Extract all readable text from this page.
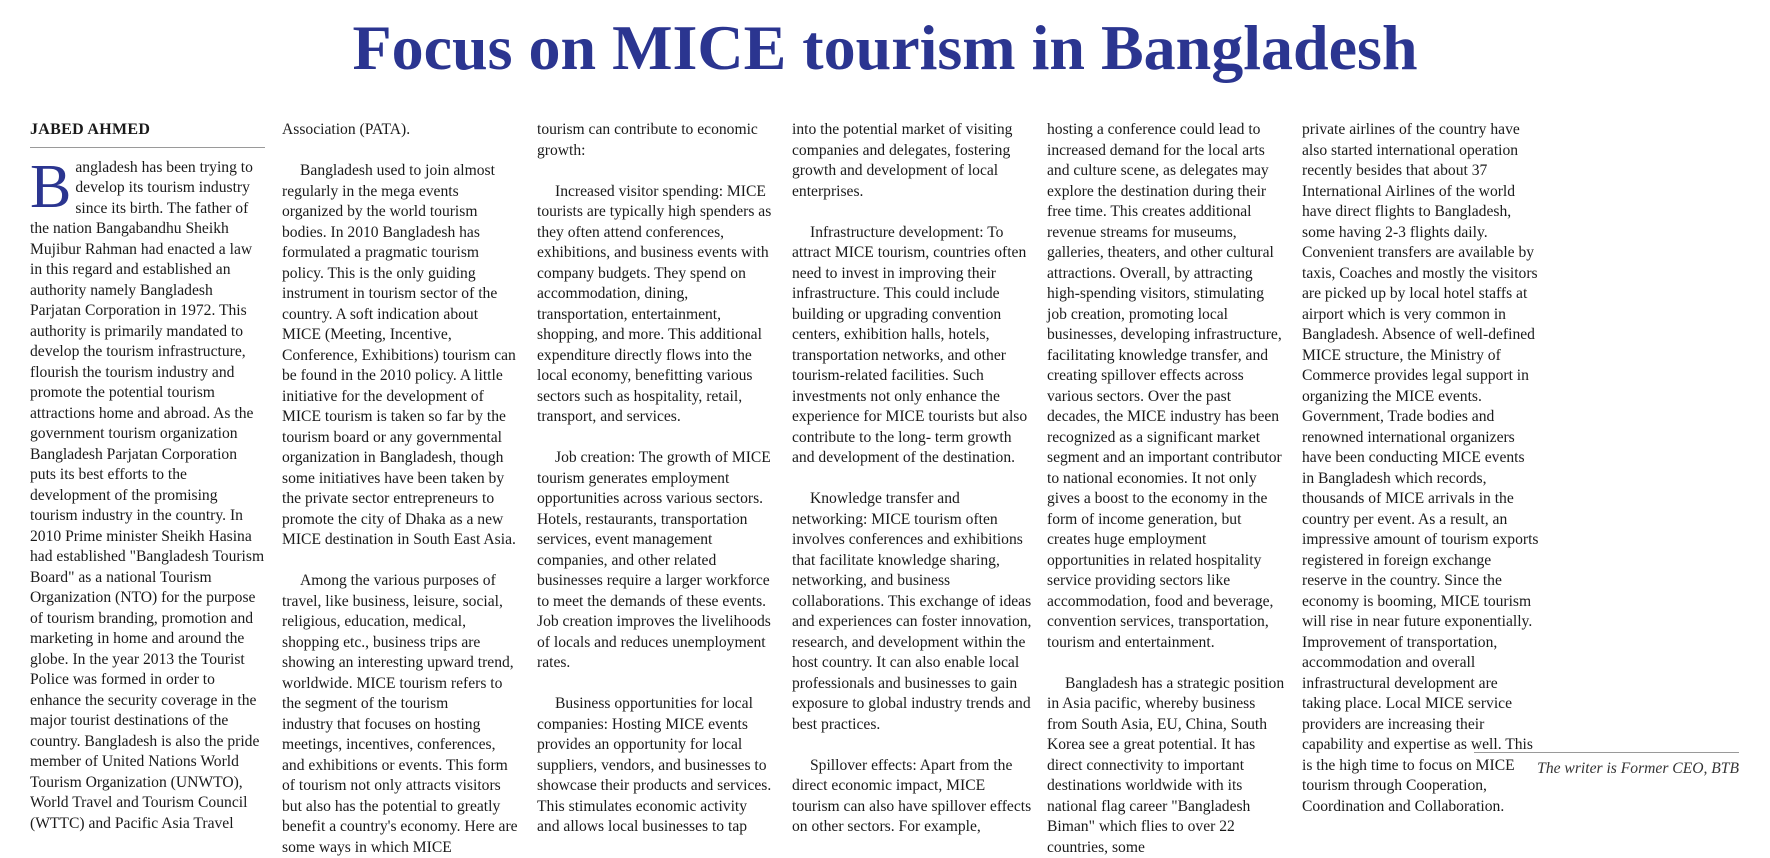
Focus on MICE tourism in Bangladesh

JABED AHMED

Bangladesh has been trying to develop its tourism industry since its birth. The father of the nation Bangabandhu Sheikh Mujibur Rahman had enacted a law in this regard and established an authority namely Bangladesh Parjatan Corporation in 1972. This authority is primarily mandated to develop the tourism infrastructure, flourish the tourism industry and promote the potential tourism attractions home and abroad. As the government tourism organization Bangladesh Parjatan Corporation puts its best efforts to the development of the promising tourism industry in the country. In 2010 Prime minister Sheikh Hasina had established "Bangladesh Tourism Board" as a national Tourism Organization (NTO) for the purpose of tourism branding, promotion and marketing in home and around the globe. In the year 2013 the Tourist Police was formed in order to enhance the security coverage in the major tourist destinations of the country. Bangladesh is also the pride member of United Nations World Tourism Organization (UNWTO), World Travel and Tourism Council (WTTC) and Pacific Asia Travel

Association (PATA).

Bangladesh used to join almost regularly in the mega events organized by the world tourism bodies. In 2010 Bangladesh has formulated a pragmatic tourism policy. This is the only guiding instrument in tourism sector of the country. A soft indication about MICE (Meeting, Incentive, Conference, Exhibitions) tourism can be found in the 2010 policy. A little initiative for the development of MICE tourism is taken so far by the tourism board or any governmental organization in Bangladesh, though some initiatives have been taken by the private sector entrepreneurs to promote the city of Dhaka as a new MICE destination in South East Asia.

Among the various purposes of travel, like business, leisure, social, religious, education, medical, shopping etc., business trips are showing an interesting upward trend, worldwide. MICE tourism refers to the segment of the tourism

industry that focuses on hosting meetings, incentives, conferences, and exhibitions or events. This form of tourism not only attracts visitors but also has the potential to greatly benefit a country's economy. Here are some ways in which MICE

tourism can contribute to economic growth:

Increased visitor spending: MICE tourists are typically high spenders as they often attend conferences, exhibitions, and business events with company budgets. They spend on accommodation, dining, transportation, entertainment, shopping, and more. This additional expenditure directly flows into the local economy, benefitting various sectors such as hospitality, retail, transport, and services.

Job creation: The growth of MICE tourism generates employment opportunities across various sectors. Hotels, restaurants, transportation services, event management companies, and other related businesses require a larger workforce to meet the demands of these events. Job creation improves the livelihoods of locals and reduces unemployment rates.

Business opportunities for local companies: Hosting MICE events provides an opportunity for local suppliers, vendors, and businesses to showcase their products and services. This stimulates economic activity and allows local businesses to tap

into the potential market of visiting companies and delegates, fostering growth and development of local enterprises.

Infrastructure development: To attract MICE tourism, countries often need to invest in improving their infrastructure. This could include building or upgrading convention centers, exhibition halls, hotels, transportation networks, and other tourism-related facilities. Such investments not only enhance the experience for MICE tourists but also contribute to the long- term growth and development of the destination.

Knowledge transfer and networking: MICE tourism often involves conferences and exhibitions that facilitate knowledge sharing, networking, and business collaborations. This exchange of ideas and experiences can foster innovation, research, and development within the host country. It can also enable local professionals and businesses to gain exposure to global industry trends and best practices.

Spillover effects: Apart from the direct economic impact, MICE tourism can also have spillover effects on other sectors. For example,

hosting a conference could lead to increased demand for the local arts and culture scene, as delegates may explore the destination during their free time. This creates additional revenue streams for museums, galleries, theaters, and other cultural attractions. Overall, by attracting high-spending visitors, stimulating job creation, promoting local businesses, developing infrastructure, facilitating knowledge transfer, and creating spillover effects across various sectors. Over the past decades, the MICE industry has been recognized as a significant market segment and an important contributor to national economies. It not only gives a boost to the economy in the form of income generation, but creates huge employment opportunities in related hospitality service providing sectors like accommodation, food and beverage, convention services, transportation, tourism and entertainment.

Bangladesh has a strategic position in Asia pacific, whereby business from South Asia, EU, China, South Korea see a great potential. It has direct connectivity to important destinations worldwide with its national flag career "Bangladesh Biman" which flies to over 22 countries, some

private airlines of the country have also started international operation recently besides that about 37 International Airlines of the world have direct flights to Bangladesh, some having 2-3 flights daily. Convenient transfers are available by taxis, Coaches and mostly the visitors are picked up by local hotel staffs at airport which is very common in Bangladesh. Absence of well-defined MICE structure, the Ministry of Commerce provides legal support in organizing the MICE events. Government, Trade bodies and renowned international organizers have been conducting MICE events in Bangladesh which records, thousands of MICE arrivals in the country per event. As a result, an impressive amount of tourism exports registered in foreign exchange reserve in the country. Since the economy is booming, MICE tourism will rise in near future exponentially. Improvement of transportation, accommodation and overall infrastructural development are taking place. Local MICE service providers are increasing their capability and expertise as well. This is the high time to focus on MICE tourism through Cooperation, Coordination and Collaboration.

The writer is Former CEO, BTB
